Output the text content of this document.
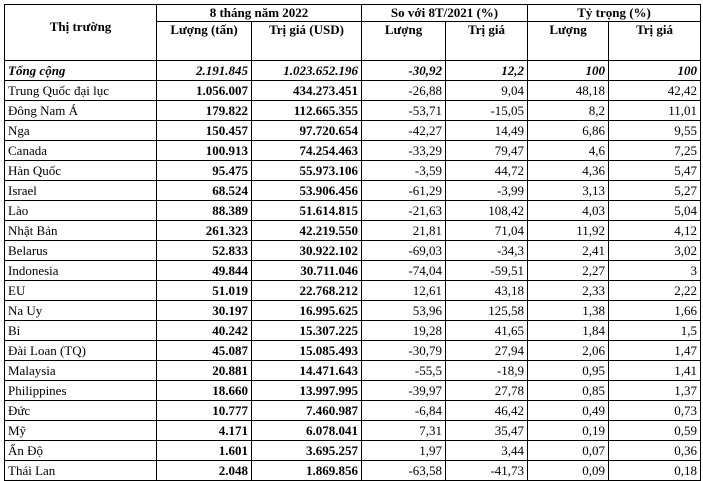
Thị trường	8 tháng năm 2022		So với 8T/2021 (%)		Tỷ trọng (%)	
	Lượng (tấn)	Trị giá (USD)	Lượng	Trị giá	Lượng	Trị giá
Tổng cộng	2.191.845	1.023.652.196	-30,92	12,2	100	100
Trung Quốc đại lục	1.056.007	434.273.451	-26,88	9,04	48,18	42,42
Đông Nam Á	179.822	112.665.355	-53,71	-15,05	8,2	11,01
Nga	150.457	97.720.654	-42,27	14,49	6,86	9,55
Canada	100.913	74.254.463	-33,29	79,47	4,6	7,25
Hàn Quốc	95.475	55.973.106	-3,59	44,72	4,36	5,47
Israel	68.524	53.906.456	-61,29	-3,99	3,13	5,27
Lào	88.389	51.614.815	-21,63	108,42	4,03	5,04
Nhật Bản	261.323	42.219.550	21,81	71,04	11,92	4,12
Belarus	52.833	30.922.102	-69,03	-34,3	2,41	3,02
Indonesia	49.844	30.711.046	-74,04	-59,51	2,27	3
EU	51.019	22.768.212	12,61	43,18	2,33	2,22
Na Uy	30.197	16.995.625	53,96	125,58	1,38	1,66
Bỉ	40.242	15.307.225	19,28	41,65	1,84	1,5
Đài Loan (TQ)	45.087	15.085.493	-30,79	27,94	2,06	1,47
Malaysia	20.881	14.471.643	-55,5	-18,9	0,95	1,41
Philippines	18.660	13.997.995	-39,97	27,78	0,85	1,37
Đức	10.777	7.460.987	-6,84	46,42	0,49	0,73
Mỹ	4.171	6.078.041	7,31	35,47	0,19	0,59
Ấn Độ	1.601	3.695.257	1,97	3,44	0,07	0,36
Thái Lan	2.048	1.869.856	-63,58	-41,73	0,09	0,18
